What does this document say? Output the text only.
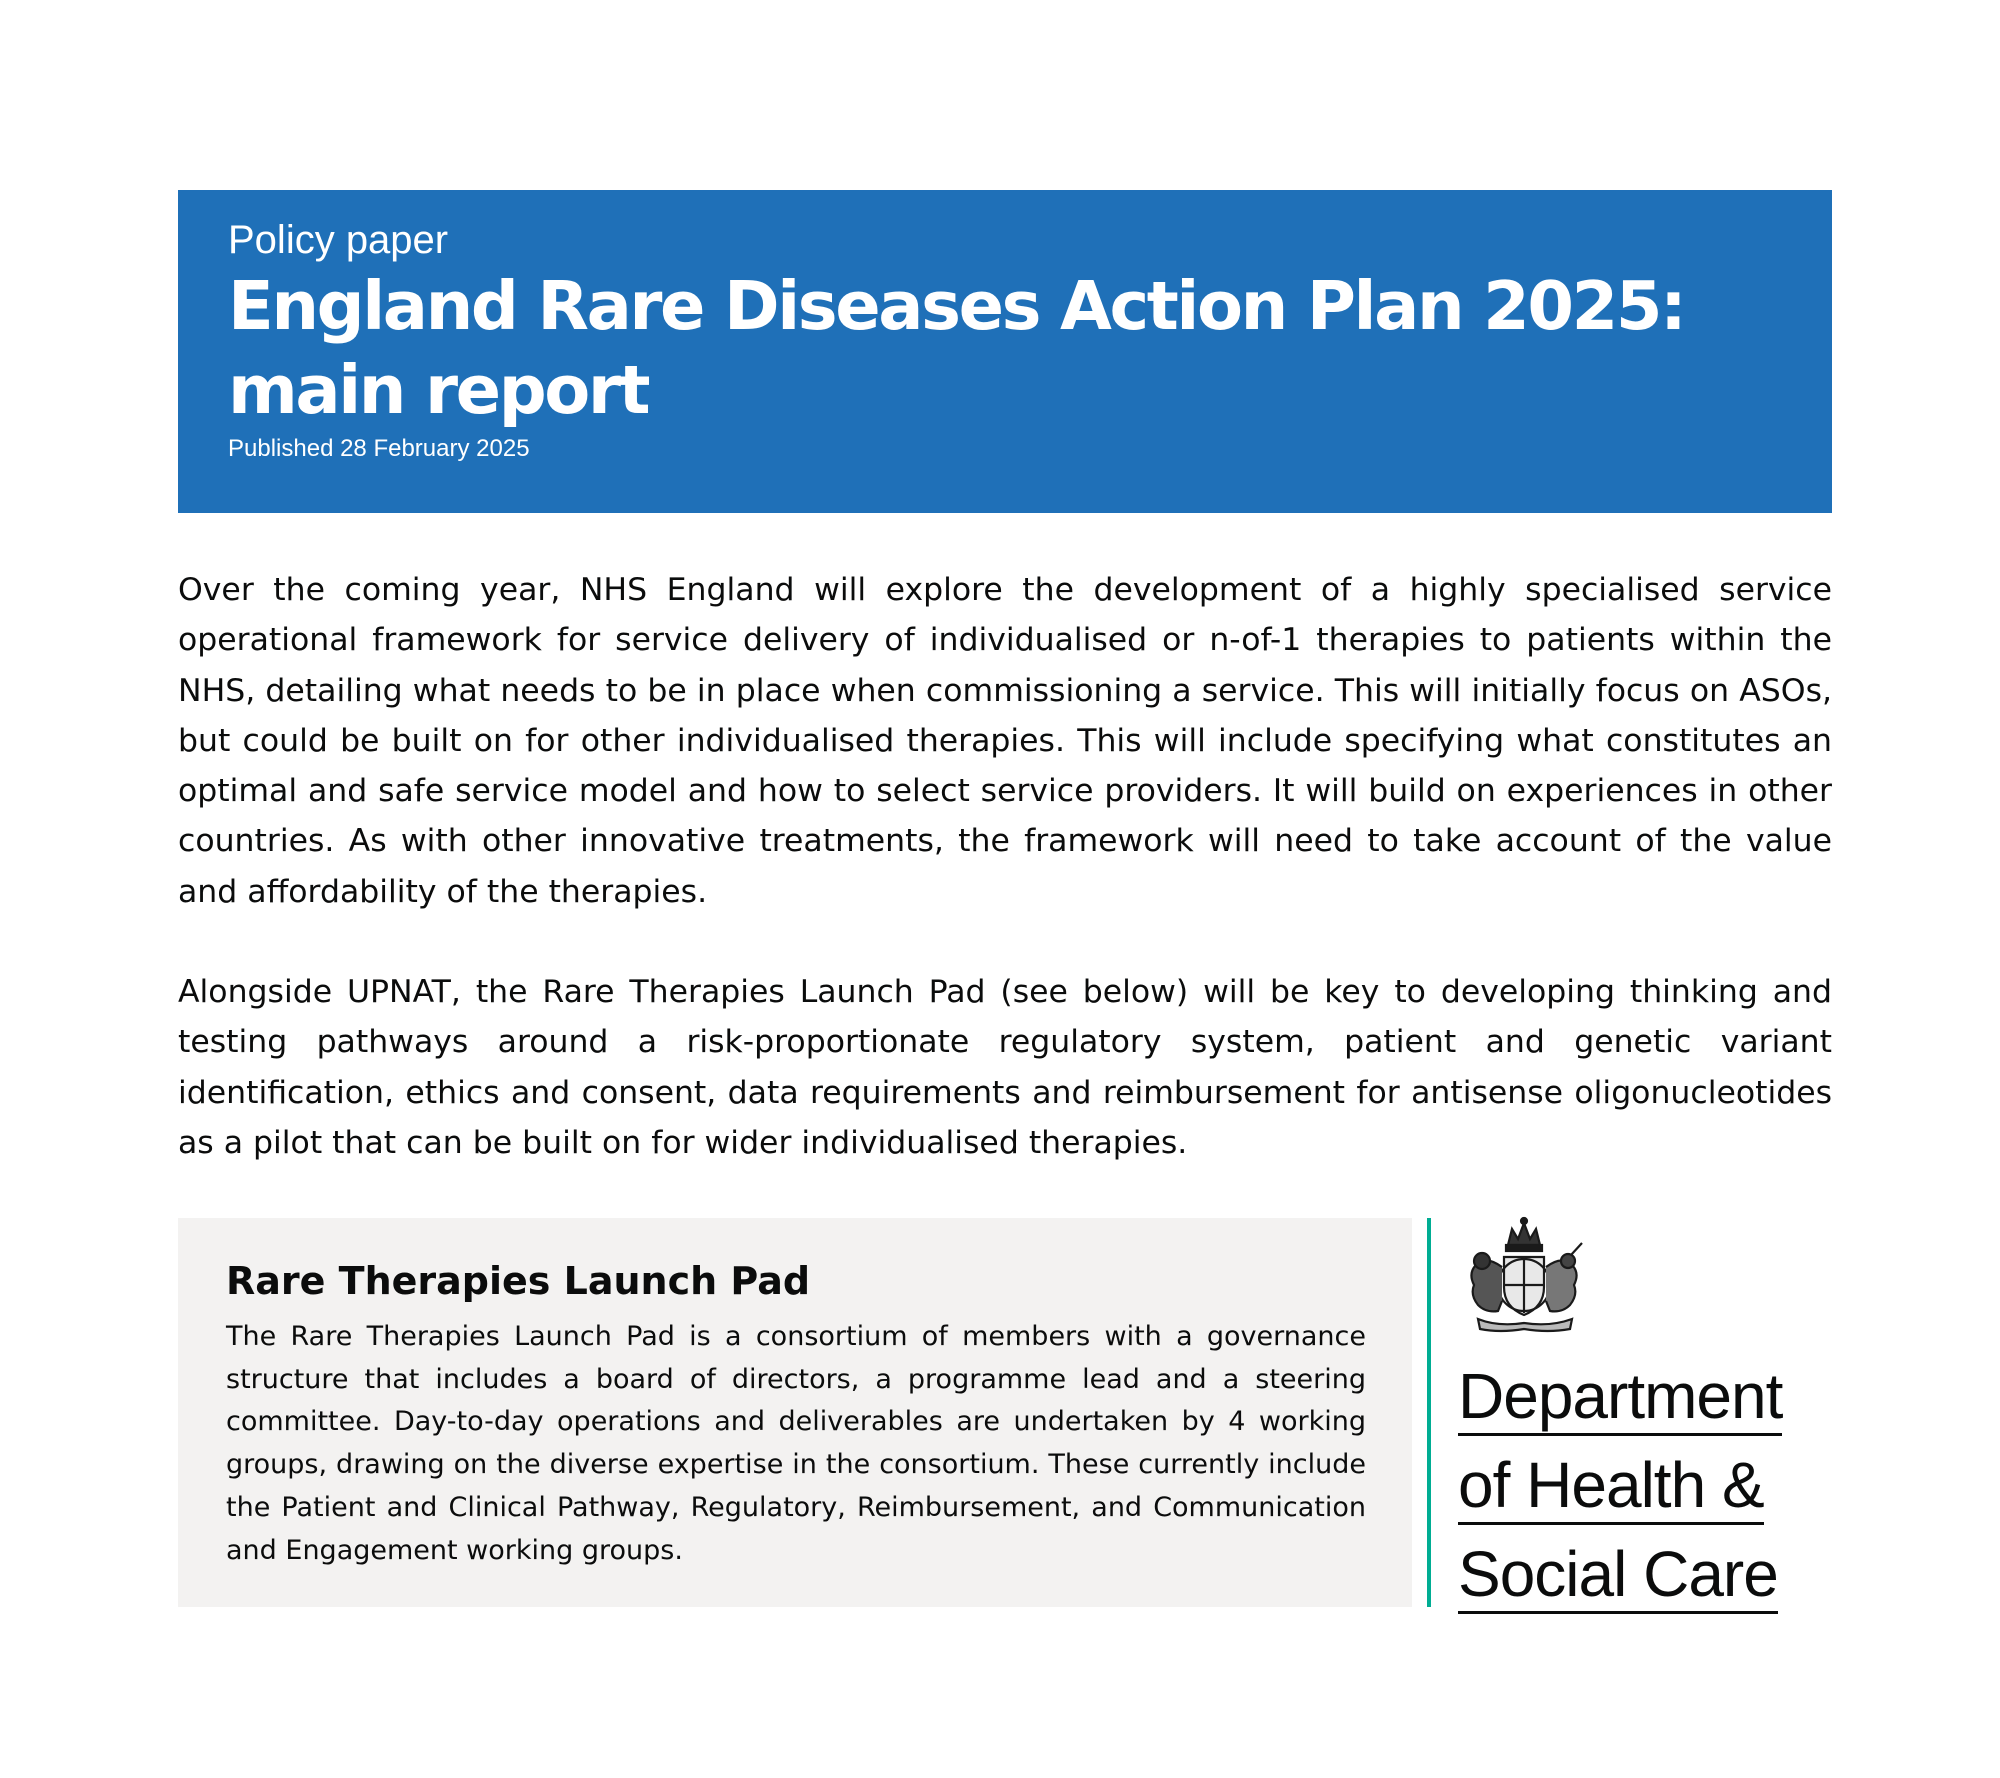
Policy paper

England Rare Diseases Action Plan 2025: main report

Published 28 February 2025

Over the coming year, NHS England will explore the development of a highly specialised service operational framework for service delivery of individualised or n-of-1 therapies to patients within the NHS, detailing what needs to be in place when commissioning a service. This will initially focus on ASOs, but could be built on for other individualised therapies. This will include specifying what constitutes an optimal and safe service model and how to select service providers. It will build on experiences in other countries. As with other innovative treatments, the framework will need to take account of the value and affordability of the therapies.

Alongside UPNAT, the Rare Therapies Launch Pad (see below) will be key to developing thinking and testing pathways around a risk-proportionate regulatory system, patient and genetic variant identification, ethics and consent, data requirements and reimbursement for antisense oligonucleotides as a pilot that can be built on for wider individualised therapies.

Rare Therapies Launch Pad

The Rare Therapies Launch Pad is a consortium of members with a governance structure that includes a board of directors, a programme lead and a steering committee. Day-to-day operations and deliverables are undertaken by 4 working groups, drawing on the diverse expertise in the consortium. These currently include the Patient and Clinical Pathway, Regulatory, Reimbursement, and Communication and Engagement working groups.

Department
of Health &
Social Care
